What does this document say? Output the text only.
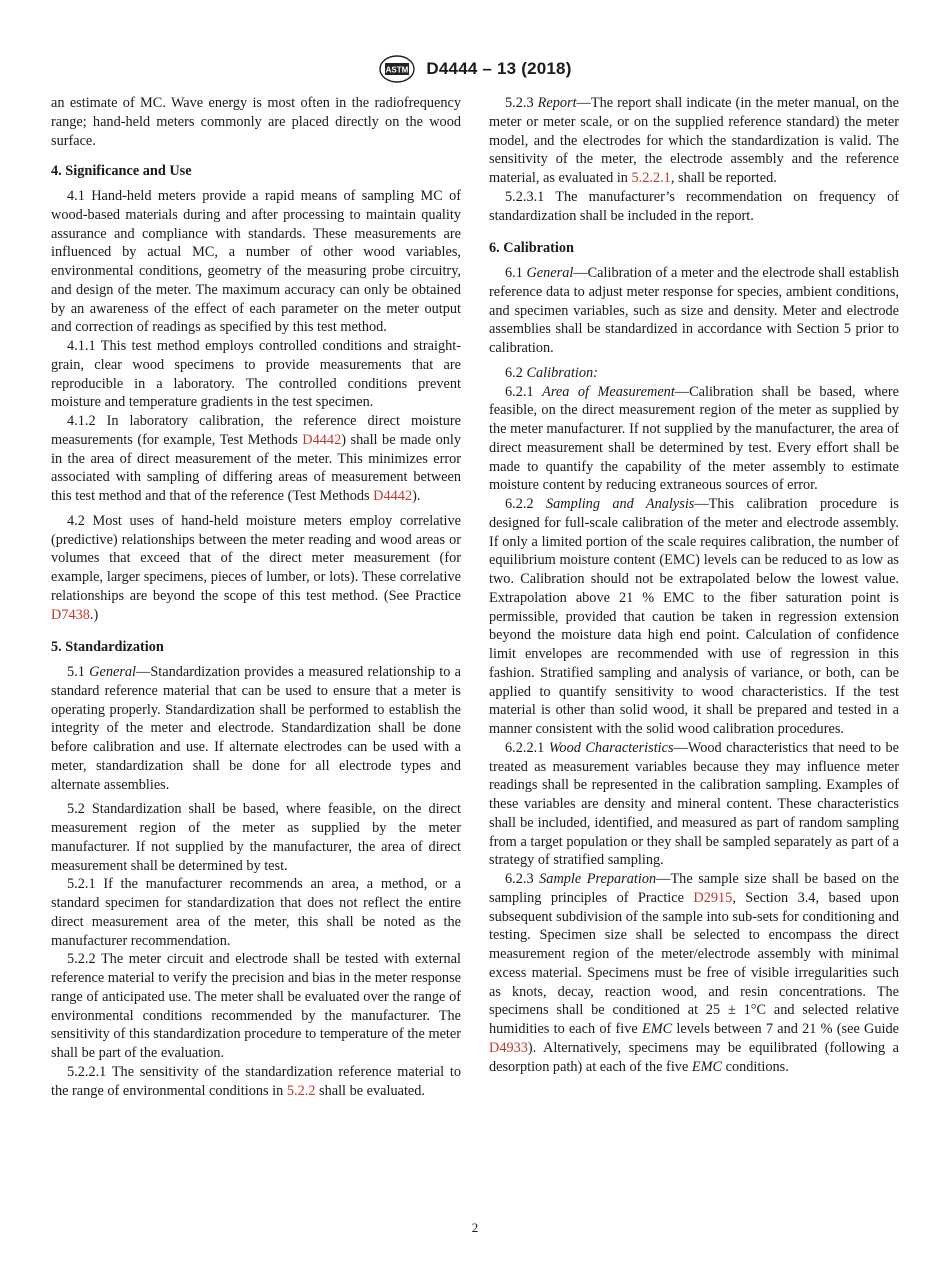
ASTM D4444 – 13 (2018)

an estimate of MC. Wave energy is most often in the radiofrequency range; hand-held meters commonly are placed directly on the wood surface.

4. Significance and Use

4.1 Hand-held meters provide a rapid means of sampling MC of wood-based materials during and after processing to maintain quality assurance and compliance with standards. These measurements are influenced by actual MC, a number of other wood variables, environmental conditions, geometry of the measuring probe circuitry, and design of the meter. The maximum accuracy can only be obtained by an awareness of the effect of each parameter on the meter output and correction of readings as specified by this test method.

4.1.1 This test method employs controlled conditions and straight-grain, clear wood specimens to provide measurements that are reproducible in a laboratory. The controlled conditions prevent moisture and temperature gradients in the test specimen.

4.1.2 In laboratory calibration, the reference direct moisture measurements (for example, Test Methods D4442) shall be made only in the area of direct measurement of the meter. This minimizes error associated with sampling of differing areas of measurement between this test method and that of the reference (Test Methods D4442).

4.2 Most uses of hand-held moisture meters employ correlative (predictive) relationships between the meter reading and wood areas or volumes that exceed that of the direct meter measurement (for example, larger specimens, pieces of lumber, or lots). These correlative relationships are beyond the scope of this test method. (See Practice D7438.)

5. Standardization

5.1 General—Standardization provides a measured relationship to a standard reference material that can be used to ensure that a meter is operating properly. Standardization shall be performed to establish the integrity of the meter and electrode. Standardization shall be done before calibration and use. If alternate electrodes can be used with a meter, standardization shall be done for all electrode types and alternate assemblies.

5.2 Standardization shall be based, where feasible, on the direct measurement region of the meter as supplied by the meter manufacturer. If not supplied by the manufacturer, the area of direct measurement shall be determined by test.

5.2.1 If the manufacturer recommends an area, a method, or a standard specimen for standardization that does not reflect the entire direct measurement area of the meter, this shall be noted as the manufacturer recommendation.

5.2.2 The meter circuit and electrode shall be tested with external reference material to verify the precision and bias in the meter response range of anticipated use. The meter shall be evaluated over the range of environmental conditions recommended by the manufacturer. The sensitivity of this standardization procedure to temperature of the meter shall be part of the evaluation.

5.2.2.1 The sensitivity of the standardization reference material to the range of environmental conditions in 5.2.2 shall be evaluated.

5.2.3 Report—The report shall indicate (in the meter manual, on the meter or meter scale, or on the supplied reference standard) the meter model, and the electrodes for which the standardization is valid. The sensitivity of the meter, the electrode assembly and the reference material, as evaluated in 5.2.2.1, shall be reported.

5.2.3.1 The manufacturer’s recommendation on frequency of standardization shall be included in the report.

6. Calibration

6.1 General—Calibration of a meter and the electrode shall establish reference data to adjust meter response for species, ambient conditions, and specimen variables, such as size and density. Meter and electrode assemblies shall be standardized in accordance with Section 5 prior to calibration.

6.2 Calibration:

6.2.1 Area of Measurement—Calibration shall be based, where feasible, on the direct measurement region of the meter as supplied by the meter manufacturer. If not supplied by the manufacturer, the area of direct measurement shall be determined by test. Every effort shall be made to quantify the capability of the meter assembly to estimate moisture content by reducing extraneous sources of error.

6.2.2 Sampling and Analysis—This calibration procedure is designed for full-scale calibration of the meter and electrode assembly. If only a limited portion of the scale requires calibration, the number of equilibrium moisture content (EMC) levels can be reduced to as low as two. Calibration should not be extrapolated below the lowest value. Extrapolation above 21 % EMC to the fiber saturation point is permissible, provided that caution be taken in regression extension beyond the moisture data high end point. Calculation of confidence limit envelopes are recommended with use of regression in this fashion. Stratified sampling and analysis of variance, or both, can be applied to quantify sensitivity to wood characteristics. If the test material is other than solid wood, it shall be prepared and tested in a manner consistent with the solid wood calibration procedures.

6.2.2.1 Wood Characteristics—Wood characteristics that need to be treated as measurement variables because they may influence meter readings shall be represented in the calibration sampling. Examples of these variables are density and mineral content. These characteristics shall be included, identified, and measured as part of random sampling from a target population or they shall be sampled separately as part of a strategy of stratified sampling.

6.2.3 Sample Preparation—The sample size shall be based on the sampling principles of Practice D2915, Section 3.4, based upon subsequent subdivision of the sample into sub-sets for conditioning and testing. Specimen size shall be selected to encompass the direct measurement region of the meter/electrode assembly with minimal excess material. Specimens must be free of visible irregularities such as knots, decay, reaction wood, and resin concentrations. The specimens shall be conditioned at 25 ± 1°C and selected relative humidities to each of five EMC levels between 7 and 21 % (see Guide D4933). Alternatively, specimens may be equilibrated (following a desorption path) at each of the five EMC conditions.

2
